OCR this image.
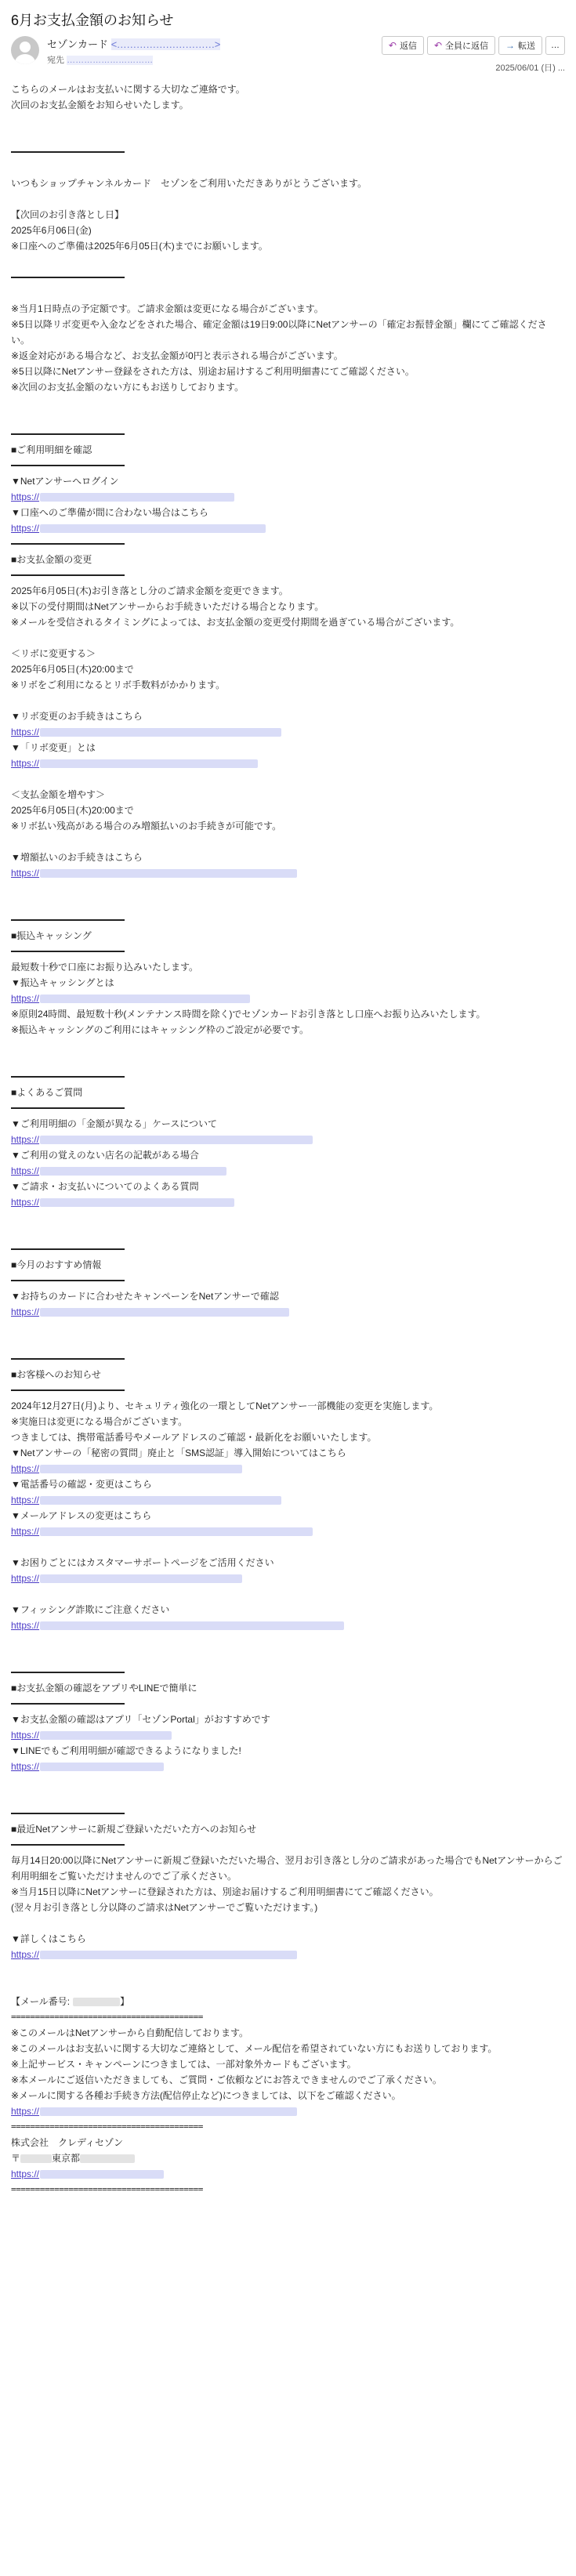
6月お支払金額のお知らせ
セゾンカード <…………………………>
宛先 …………………………
↶ 返信 ↶ 全員に返信 → 転送 …
2025/06/01 (日) ...
こちらのメールはお支払いに関する大切なご連絡です。
次回のお支払金額をお知らせいたします。
いつもショップチャンネルカード　セゾンをご利用いただきありがとうございます。
【次回のお引き落とし日】
2025年6月06日(金)
※口座へのご準備は2025年6月05日(木)までにお願いします。
※当月1日時点の予定額です。ご請求金額は変更になる場合がございます。
※5日以降リボ変更や入金などをされた場合、確定金額は19日9:00以降にNetアンサーの「確定お振替金額」欄にてご確認ください。
※返金対応がある場合など、お支払金額が0円と表示される場合がございます。
※5日以降にNetアンサー登録をされた方は、別途お届けするご利用明細書にてご確認ください。
※次回のお支払金額のない方にもお送りしております。
■ご利用明細を確認
▼Netアンサーへログイン
https://
▼口座へのご準備が間に合わない場合はこちら
https://
■お支払金額の変更
2025年6月05日(木)お引き落とし分のご請求金額を変更できます。
※以下の受付期間はNetアンサーからお手続きいただける場合となります。
※メールを受信されるタイミングによっては、お支払金額の変更受付期間を過ぎている場合がございます。
＜リボに変更する＞
2025年6月05日(木)20:00まで
※リボをご利用になるとリボ手数料がかかります。
▼リボ変更のお手続きはこちら
https://
▼「リボ変更」とは
https://
＜支払金額を増やす＞
2025年6月05日(木)20:00まで
※リボ払い残高がある場合のみ増額払いのお手続きが可能です。
▼増額払いのお手続きはこちら
https://
■振込キャッシング
最短数十秒で口座にお振り込みいたします。
▼振込キャッシングとは
https://
※原則24時間、最短数十秒(メンテナンス時間を除く)でセゾンカードお引き落とし口座へお振り込みいたします。
※振込キャッシングのご利用にはキャッシング枠のご設定が必要です。
■よくあるご質問
▼ご利用明細の「金額が異なる」ケースについて
https://
▼ご利用の覚えのない店名の記載がある場合
https://
▼ご請求・お支払いについてのよくある質問
https://
■今月のおすすめ情報
▼お持ちのカードに合わせたキャンペーンをNetアンサーで確認
https://
■お客様へのお知らせ
2024年12月27日(月)より、セキュリティ強化の一環としてNetアンサー一部機能の変更を実施します。
※実施日は変更になる場合がございます。
つきましては、携帯電話番号やメールアドレスのご確認・最新化をお願いいたします。
▼Netアンサーの「秘密の質問」廃止と「SMS認証」導入開始についてはこちら
https://
▼電話番号の確認・変更はこちら
https://
▼メールアドレスの変更はこちら
https://
▼お困りごとにはカスタマーサポートページをご活用ください
https://
▼フィッシング詐欺にご注意ください
https://
■お支払金額の確認をアプリやLINEで簡単に
▼お支払金額の確認はアプリ「セゾンPortal」がおすすめです
https://
▼LINEでもご利用明細が確認できるようになりました!
https://
■最近Netアンサーに新規ご登録いただいた方へのお知らせ
毎月14日20:00以降にNetアンサーに新規ご登録いただいた場合、翌月お引き落とし分のご請求があった場合でもNetアンサーからご利用明細をご覧いただけませんのでご了承ください。
※当月15日以降にNetアンサーに登録された方は、別途お届けするご利用明細書にてご確認ください。
(翌々月お引き落とし分以降のご請求はNetアンサーでご覧いただけます。)
▼詳しくはこちら
https://
【メール番号:	】
========================================
※このメールはNetアンサーから自動配信しております。
※このメールはお支払いに関する大切なご連絡として、メール配信を希望されていない方にもお送りしております。
※上記サービス・キャンペーンにつきましては、一部対象外カードもございます。
※本メールにご返信いただきましても、ご質問・ご依頼などにお答えできませんのでご了承ください。
※メールに関する各種お手続き方法(配信停止など)につきましては、以下をご確認ください。
https://
========================================
株式会社　クレディセゾン
〒	東京都
https://
========================================
